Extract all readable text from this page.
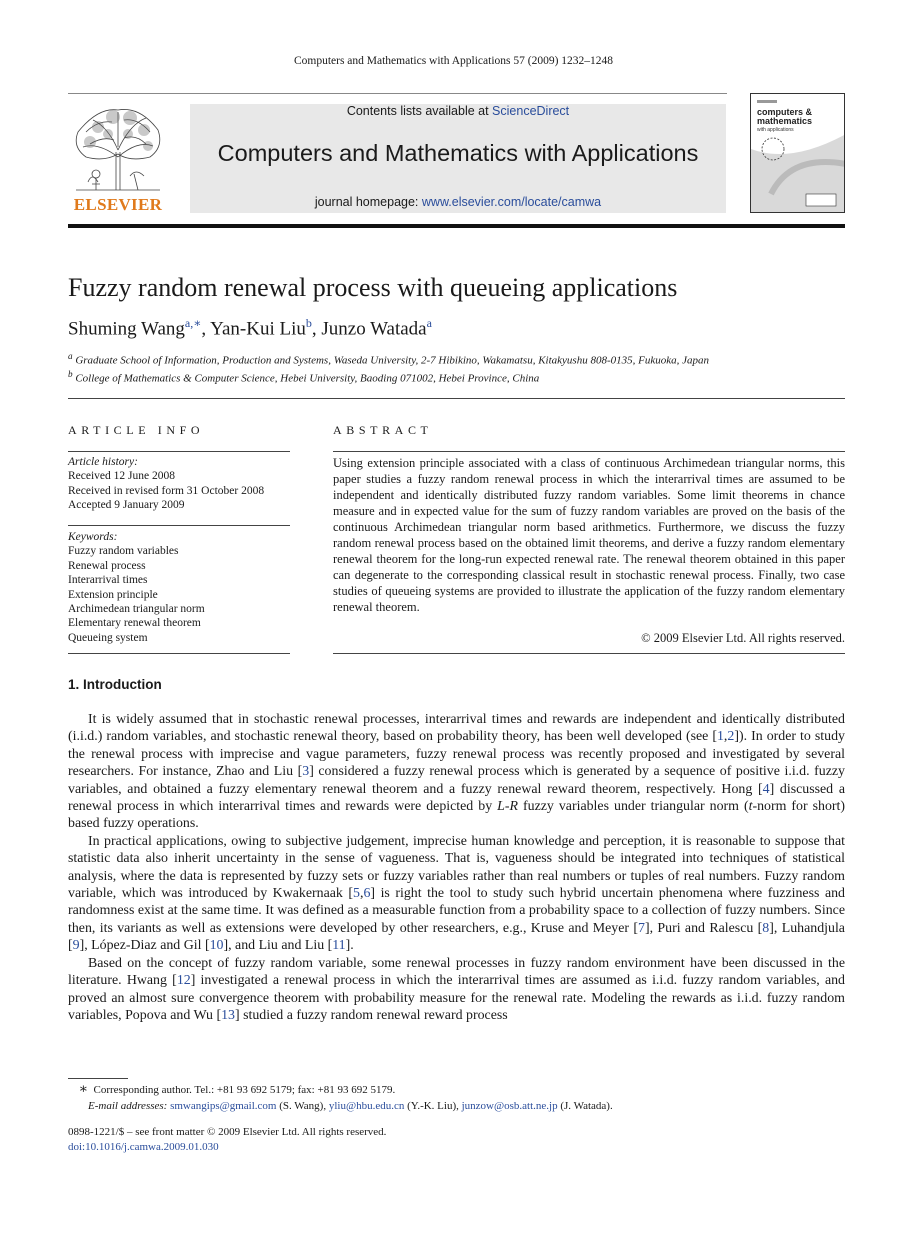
Computers and Mathematics with Applications 57 (2009) 1232–1248
ELSEVIER
Contents lists available at ScienceDirect
Computers and Mathematics with Applications
journal homepage: www.elsevier.com/locate/camwa
computers &
mathematics
with applications
Fuzzy random renewal process with queueing applications
Shuming Wang$^{a,∗}$, Yan-Kui Liu$^b$, Junzo Watada$^a$
$^a$ Graduate School of Information, Production and Systems, Waseda University, 2-7 Hibikino, Wakamatsu, Kitakyushu 808-0135, Fukuoka, Japan
$^b$ College of Mathematics & Computer Science, Hebei University, Baoding 071002, Hebei Province, China
ARTICLE INFO
Article history:
Received 12 June 2008
Received in revised form 31 October 2008
Accepted 9 January 2009
Keywords:
Fuzzy random variables
Renewal process
Interarrival times
Extension principle
Archimedean triangular norm
Elementary renewal theorem
Queueing system
ABSTRACT
Using extension principle associated with a class of continuous Archimedean triangular norms, this paper studies a fuzzy random renewal process in which the interarrival times are assumed to be independent and identically distributed fuzzy random variables. Some limit theorems in chance measure and in expected value for the sum of fuzzy random variables are proved on the basis of the continuous Archimedean triangular norm based arithmetics. Furthermore, we discuss the fuzzy random renewal process based on the obtained limit theorems, and derive a fuzzy random elementary renewal theorem for the long-run expected renewal rate. The renewal theorem obtained in this paper can degenerate to the corresponding classical result in stochastic renewal process. Finally, two case studies of queueing systems are provided to illustrate the application of the fuzzy random elementary renewal theorem.
© 2009 Elsevier Ltd. All rights reserved.
1. Introduction

It is widely assumed that in stochastic renewal processes, interarrival times and rewards are independent and identically distributed (i.i.d.) random variables, and stochastic renewal theory, based on probability theory, has been well developed (see [1,2]). In order to study the renewal process with imprecise and vague parameters, fuzzy renewal process was recently proposed and investigated by several researchers. For instance, Zhao and Liu [3] considered a fuzzy renewal process which is generated by a sequence of positive i.i.d. fuzzy variables, and obtained a fuzzy elementary renewal theorem and a fuzzy renewal reward theorem, respectively. Hong [4] discussed a renewal process in which interarrival times and rewards were depicted by L-R fuzzy variables under triangular norm (t-norm for short) based fuzzy operations.

In practical applications, owing to subjective judgement, imprecise human knowledge and perception, it is reasonable to suppose that statistic data also inherit uncertainty in the sense of vagueness. That is, vagueness should be integrated into techniques of statistical analysis, where the data is represented by fuzzy sets or fuzzy variables rather than real numbers or tuples of real numbers. Fuzzy random variable, which was introduced by Kwakernaak [5,6] is right the tool to study such hybrid uncertain phenomena where fuzziness and randomness exist at the same time. It was defined as a measurable function from a probability space to a collection of fuzzy numbers. Since then, its variants as well as extensions were developed by other researchers, e.g., Kruse and Meyer [7], Puri and Ralescu [8], Luhandjula [9], López-Diaz and Gil [10], and Liu and Liu [11].

Based on the concept of fuzzy random variable, some renewal processes in fuzzy random environment have been discussed in the literature. Hwang [12] investigated a renewal process in which the interarrival times are assumed as i.i.d. fuzzy random variables, and proved an almost sure convergence theorem with probability measure for the renewal rate. Modeling the rewards as i.i.d. fuzzy random variables, Popova and Wu [13] studied a fuzzy random renewal reward process

∗ Corresponding author. Tel.: +81 93 692 5179; fax: +81 93 692 5179.
E-mail addresses: smwangips@gmail.com (S. Wang), yliu@hbu.edu.cn (Y.-K. Liu), junzow@osb.att.ne.jp (J. Watada).
0898-1221/$ – see front matter © 2009 Elsevier Ltd. All rights reserved.
doi:10.1016/j.camwa.2009.01.030
